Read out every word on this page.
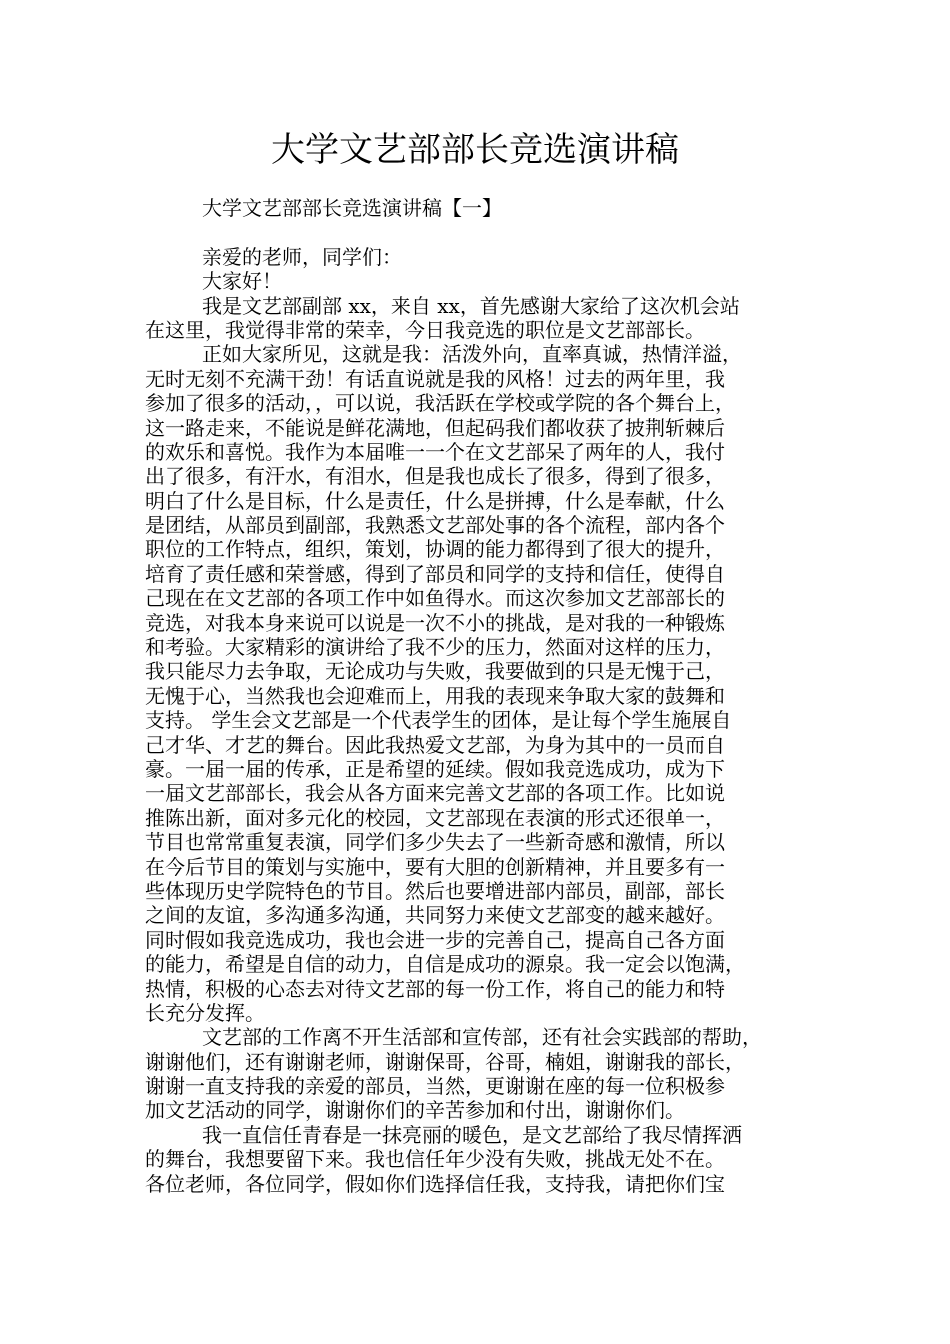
大学文艺部部长竞选演讲稿
大学文艺部部长竞选演讲稿【一】
亲爱的老师，同学们：
大家好！
我是文艺部副部 xx，来自 xx，首先感谢大家给了这次机会站
在这里，我觉得非常的荣幸，今日我竞选的职位是文艺部部长。
正如大家所见，这就是我：活泼外向，直率真诚，热情洋溢，
无时无刻不充满干劲！有话直说就是我的风格！过去的两年里，我
参加了很多的活动，，可以说，我活跃在学校或学院的各个舞台上，
这一路走来，不能说是鲜花满地，但起码我们都收获了披荆斩棘后
的欢乐和喜悦。我作为本届唯一一个在文艺部呆了两年的人，我付
出了很多，有汗水，有泪水，但是我也成长了很多，得到了很多，
明白了什么是目标，什么是责任，什么是拼搏，什么是奉献，什么
是团结，从部员到副部，我熟悉文艺部处事的各个流程，部内各个
职位的工作特点，组织，策划，协调的能力都得到了很大的提升，
培育了责任感和荣誉感，得到了部员和同学的支持和信任，使得自
己现在在文艺部的各项工作中如鱼得水。而这次参加文艺部部长的
竞选，对我本身来说可以说是一次不小的挑战，是对我的一种锻炼
和考验。大家精彩的演讲给了我不少的压力，然面对这样的压力，
我只能尽力去争取，无论成功与失败，我要做到的只是无愧于己，
无愧于心，当然我也会迎难而上，用我的表现来争取大家的鼓舞和
支持。 学生会文艺部是一个代表学生的团体，是让每个学生施展自
己才华、才艺的舞台。因此我热爱文艺部，为身为其中的一员而自
豪。一届一届的传承，正是希望的延续。假如我竞选成功，成为下
一届文艺部部长，我会从各方面来完善文艺部的各项工作。比如说
推陈出新，面对多元化的校园，文艺部现在表演的形式还很单一，
节目也常常重复表演，同学们多少失去了一些新奇感和激情，所以
在今后节目的策划与实施中，要有大胆的创新精神，并且要多有一
些体现历史学院特色的节目。然后也要增进部内部员，副部，部长
之间的友谊，多沟通多沟通，共同努力来使文艺部变的越来越好。
同时假如我竞选成功，我也会进一步的完善自己，提高自己各方面
的能力，希望是自信的动力，自信是成功的源泉。我一定会以饱满，
热情，积极的心态去对待文艺部的每一份工作，将自己的能力和特
长充分发挥。
文艺部的工作离不开生活部和宣传部，还有社会实践部的帮助，
谢谢他们，还有谢谢老师，谢谢保哥，谷哥，楠姐，谢谢我的部长，
谢谢一直支持我的亲爱的部员，当然，更谢谢在座的每一位积极参
加文艺活动的同学，谢谢你们的辛苦参加和付出，谢谢你们。
我一直信任青春是一抹亮丽的暖色，是文艺部给了我尽情挥洒
的舞台，我想要留下来。我也信任年少没有失败，挑战无处不在。
各位老师，各位同学，假如你们选择信任我，支持我，请把你们宝
